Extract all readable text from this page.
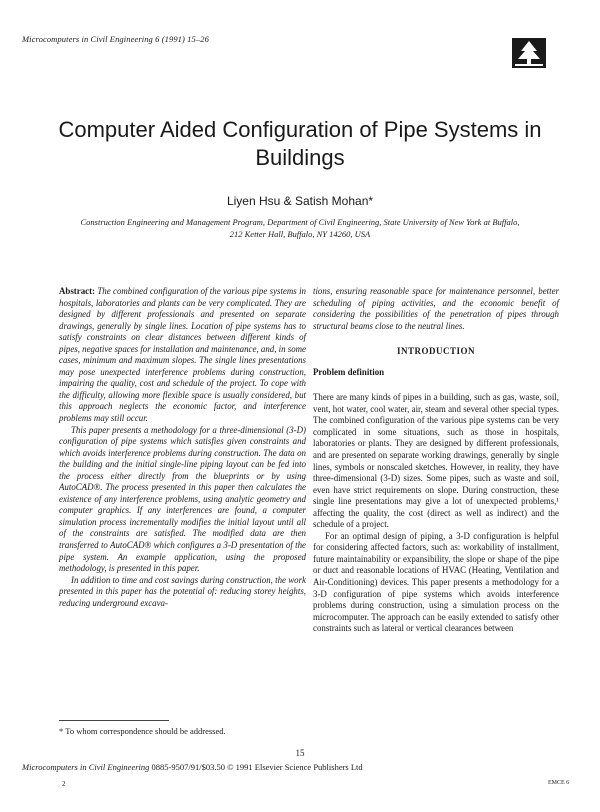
Microcomputers in Civil Engineering 6 (1991) 15–26
Computer Aided Configuration of Pipe Systems in Buildings
Liyen Hsu & Satish Mohan*
Construction Engineering and Management Program, Department of Civil Engineering, State University of New York at Buffalo,
212 Ketter Hall, Buffalo, NY 14260, USA

Abstract: The combined configuration of the various pipe systems in hospitals, laboratories and plants can be very complicated. They are designed by different professionals and presented on separate drawings, generally by single lines. Location of pipe systems has to satisfy constraints on clear distances between different kinds of pipes, negative spaces for installation and maintenance, and, in some cases, minimum and maximum slopes. The single lines presentations may pose unexpected interference problems during construction, impairing the quality, cost and schedule of the project. To cope with the difficulty, allowing more flexible space is usually considered, but this approach neglects the economic factor, and interference problems may still occur.

This paper presents a methodology for a three-dimensional (3-D) configuration of pipe systems which satisfies given constraints and which avoids interference problems during construction. The data on the building and the initial single-line piping layout can be fed into the process either directly from the blueprints or by using AutoCAD®. The process presented in this paper then calculates the existence of any interference problems, using analytic geometry and computer graphics. If any interferences are found, a computer simulation process incrementally modifies the initial layout until all of the constraints are satisfied. The modified data are then transferred to AutoCAD® which configures a 3-D presentation of the pipe system. An example application, using the proposed methodology, is presented in this paper.

In addition to time and cost savings during construction, the work presented in this paper has the potential of: reducing storey heights, reducing underground excava-

tions, ensuring reasonable space for maintenance personnel, better scheduling of piping activities, and the economic benefit of considering the possibilities of the penetration of pipes through structural beams close to the neutral lines.

INTRODUCTION
Problem definition

There are many kinds of pipes in a building, such as gas, waste, soil, vent, hot water, cool water, air, steam and several other special types. The combined configuration of the various pipe systems can be very complicated in some situations, such as those in hospitals, laboratories or plants. They are designed by different professionals, and are presented on separate working drawings, generally by single lines, symbols or nonscaled sketches. However, in reality, they have three-dimensional (3-D) sizes. Some pipes, such as waste and soil, even have strict requirements on slope. During construction, these single line presentations may give a lot of unexpected problems,¹ affecting the quality, the cost (direct as well as indirect) and the schedule of a project.

For an optimal design of piping, a 3-D configuration is helpful for considering affected factors, such as: workability of installment, future maintainability or expansibility, the slope or shape of the pipe or duct and reasonable locations of HVAC (Heating, Ventilation and Air-Conditioning) devices. This paper presents a methodology for a 3-D configuration of pipe systems which avoids interference problems during construction, using a simulation process on the microcomputer. The approach can be easily extended to satisfy other constraints such as lateral or vertical clearances between

* To whom correspondence should be addressed.
15
Microcomputers in Civil Engineering 0885-9507/91/$03.50 © 1991 Elsevier Science Publishers Ltd
2	EMCE 6
